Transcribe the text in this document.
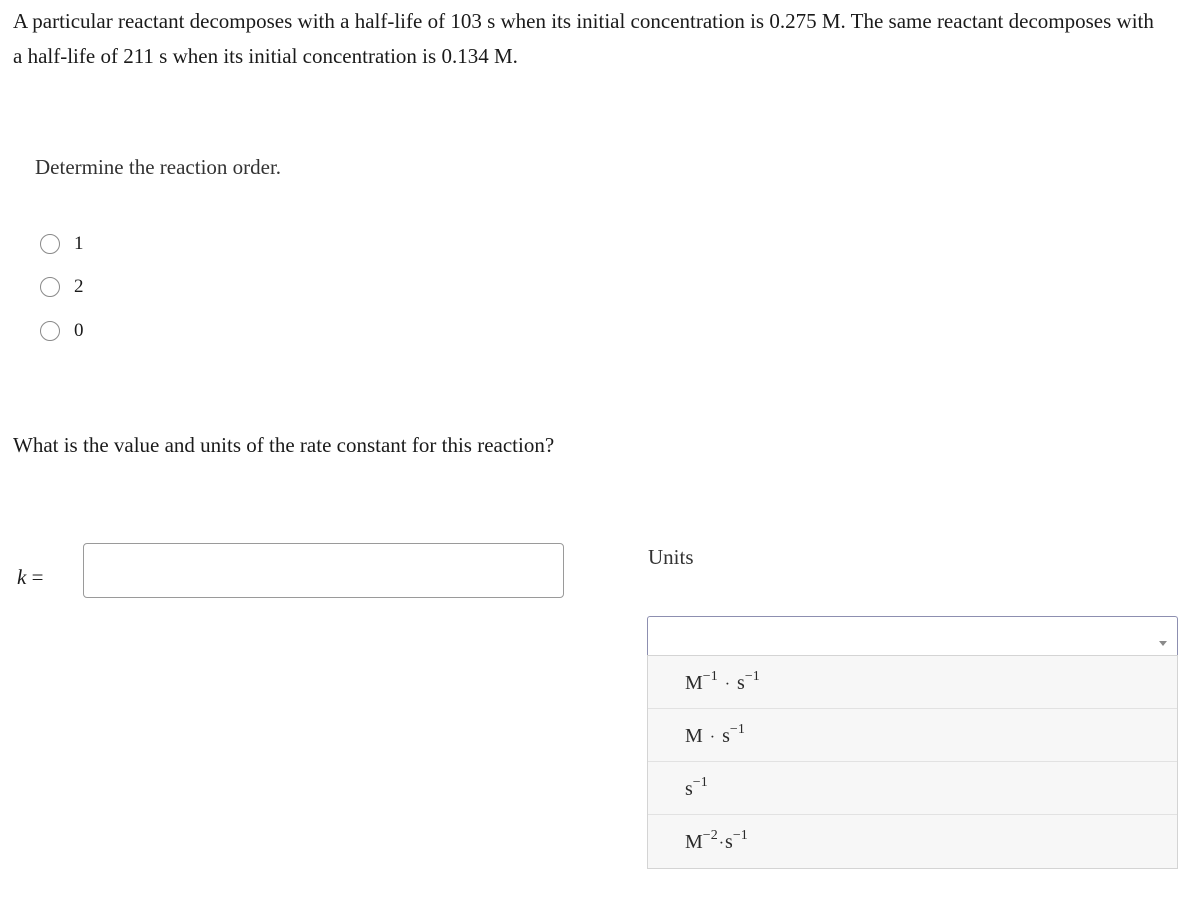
A particular reactant decomposes with a half-life of 103 s when its initial concentration is 0.275 M. The same reactant decomposes with a half-life of 211 s when its initial concentration is 0.134 M.

Determine the reaction order.

1
2
0

What is the value and units of the rate constant for this reaction?

k =
Units
$M^{-1} \cdot s^{-1}$
$M \cdot s^{-1}$
$s^{-1}$
$M^{-2}\cdot s^{-1}$
